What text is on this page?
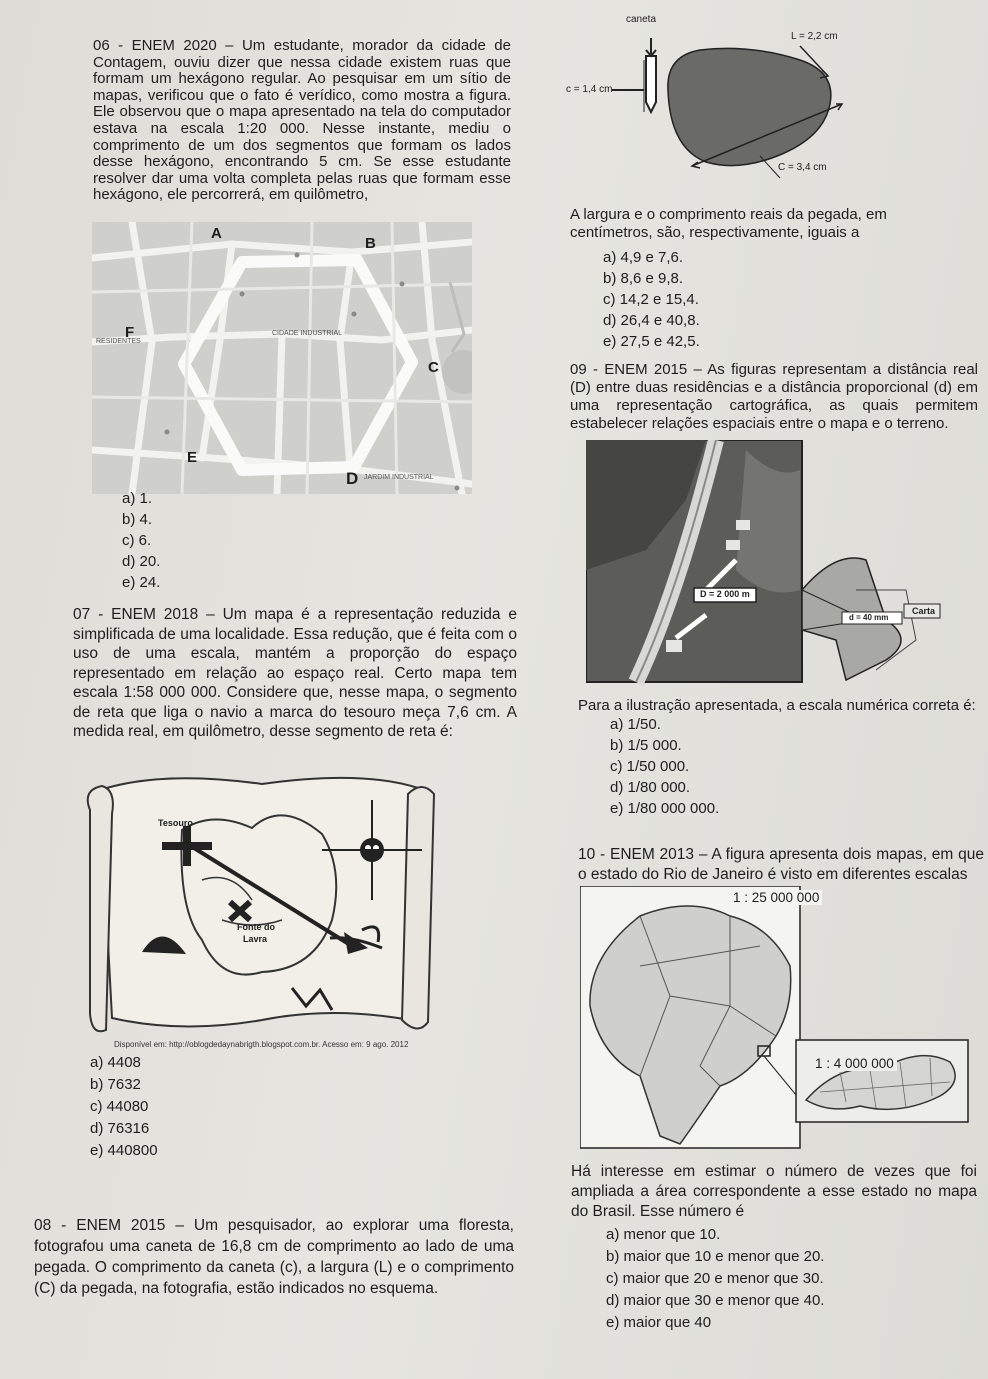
06 - ENEM 2020 – Um estudante, morador da cidade de Contagem, ouviu dizer que nessa cidade existem ruas que formam um hexágono regular. Ao pesquisar em um sítio de mapas, verificou que o fato é verídico, como mostra a figura. Ele observou que o mapa apresentado na tela do computador estava na escala 1:20 000. Nesse instante, mediu o comprimento de um dos segmentos que formam os lados desse hexágono, encontrando 5 cm. Se esse estudante resolver dar uma volta completa pelas ruas que formam esse hexágono, ele percorrerá, em quilômetro,

A
B
C
D
E
F	CIDADE INDUSTRIAL
RESIDENTES
JARDIM INDUSTRIAL
a) 1.
b) 4.
c) 6.
d) 20.
e) 24.

07 - ENEM 2018 – Um mapa é a representação reduzida e simplificada de uma localidade. Essa redução, que é feita com o uso de uma escala, mantém a proporção do espaço representado em relação ao espaço real. Certo mapa tem escala 1:58 000 000. Considere que, nesse mapa, o segmento de reta que liga o navio a marca do tesouro meça 7,6 cm. A medida real, em quilômetro, desse segmento de reta é:

Tesouro
Fonte do
Lavra
Disponível em: http://oblogdedaynabrigth.blogspot.com.br. Acesso em: 9 ago. 2012
a) 4408
b) 7632
c) 44080
d) 76316
e) 440800

08 - ENEM 2015 – Um pesquisador, ao explorar uma floresta, fotografou uma caneta de 16,8 cm de comprimento ao lado de uma pegada. O comprimento da caneta (c), a largura (L) e o comprimento (C) da pegada, na fotografia, estão indicados no esquema.

caneta
L = 2,2 cm
c = 1,4 cm
C = 3,4 cm
A largura e o comprimento reais da pegada, em centímetros, são, respectivamente, iguais a
a) 4,9 e 7,6.
b) 8,6 e 9,8.
c) 14,2 e 15,4.
d) 26,4 e 40,8.
e) 27,5 e 42,5.

09 - ENEM 2015 – As figuras representam a distância real (D) entre duas residências e a distância proporcional (d) em uma representação cartográfica, as quais permitem estabelecer relações espaciais entre o mapa e o terreno.

D = 2 000 m
d = 40 mm
Carta
Para a ilustração apresentada, a escala numérica correta é:
a) 1/50.
b) 1/5 000.
c) 1/50 000.
d) 1/80 000.
e) 1/80 000 000.

10 - ENEM 2013 – A figura apresenta dois mapas, em que o estado do Rio de Janeiro é visto em diferentes escalas

1 : 25 000 000
1 : 4 000 000

Há interesse em estimar o número de vezes que foi ampliada a área correspondente a esse estado no mapa do Brasil. Esse número é

a) menor que 10.
b) maior que 10 e menor que 20.
c) maior que 20 e menor que 30.
d) maior que 30 e menor que 40.
e) maior que 40
